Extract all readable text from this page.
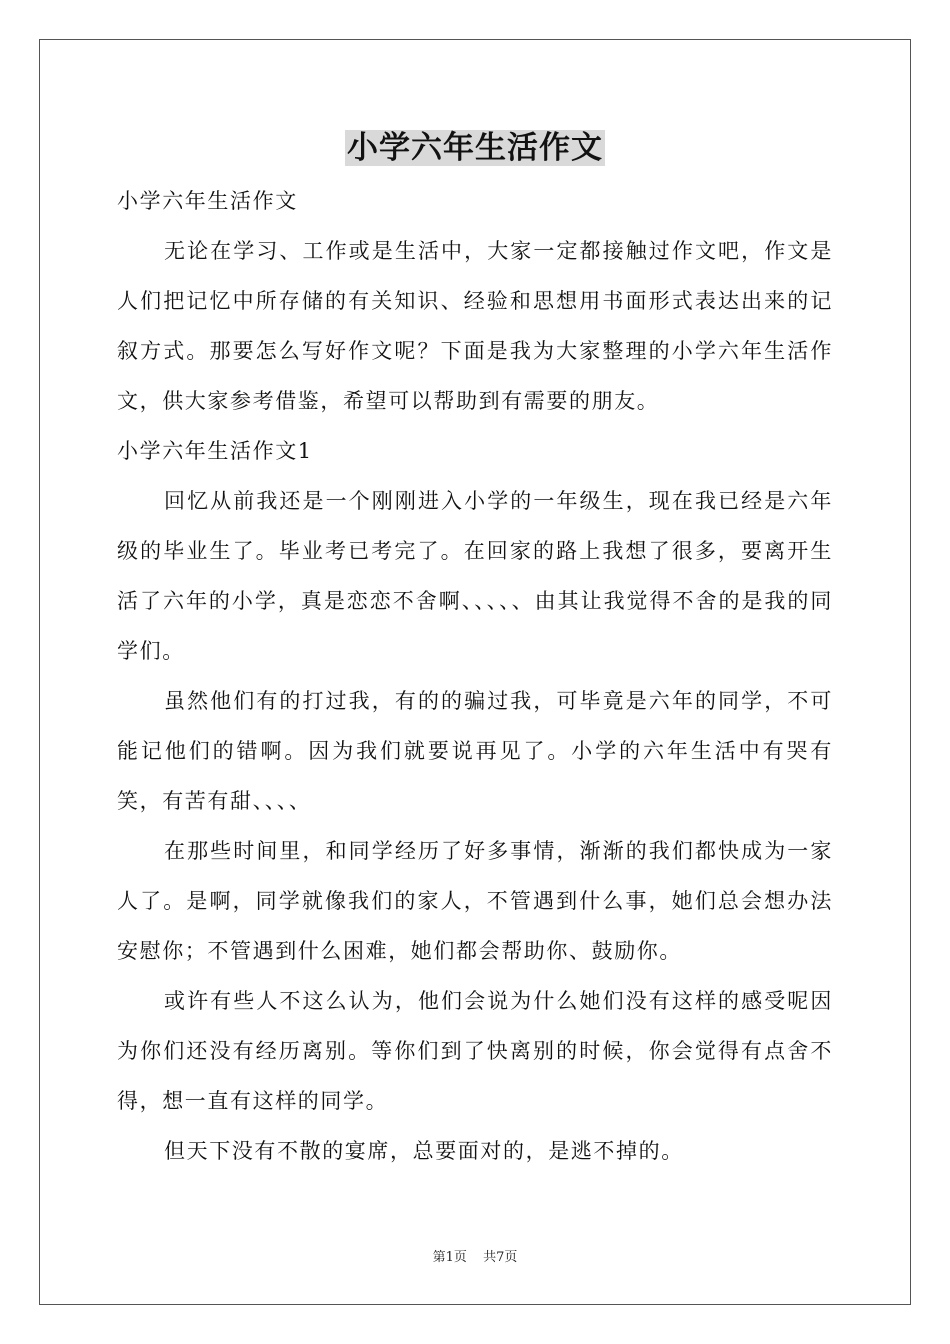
小学六年生活作文

小学六年生活作文

无论在学习、工作或是生活中，大家一定都接触过作文吧，作文是人们把记忆中所存储的有关知识、经验和思想用书面形式表达出来的记叙方式。那要怎么写好作文呢？下面是我为大家整理的小学六年生活作文，供大家参考借鉴，希望可以帮助到有需要的朋友。

小学六年生活作文1

回忆从前我还是一个刚刚进入小学的一年级生，现在我已经是六年级的毕业生了。毕业考已考完了。在回家的路上我想了很多，要离开生活了六年的小学，真是恋恋不舍啊、、、、、由其让我觉得不舍的是我的同学们。

虽然他们有的打过我，有的的骗过我，可毕竟是六年的同学，不可能记他们的错啊。因为我们就要说再见了。小学的六年生活中有哭有笑，有苦有甜、、、、

在那些时间里，和同学经历了好多事情，渐渐的我们都快成为一家人了。是啊，同学就像我们的家人，不管遇到什么事，她们总会想办法安慰你；不管遇到什么困难，她们都会帮助你、鼓励你。

或许有些人不这么认为，他们会说为什么她们没有这样的感受呢因为你们还没有经历离别。等你们到了快离别的时候，你会觉得有点舍不得，想一直有这样的同学。

但天下没有不散的宴席，总要面对的，是逃不掉的。

第1页 共7页
